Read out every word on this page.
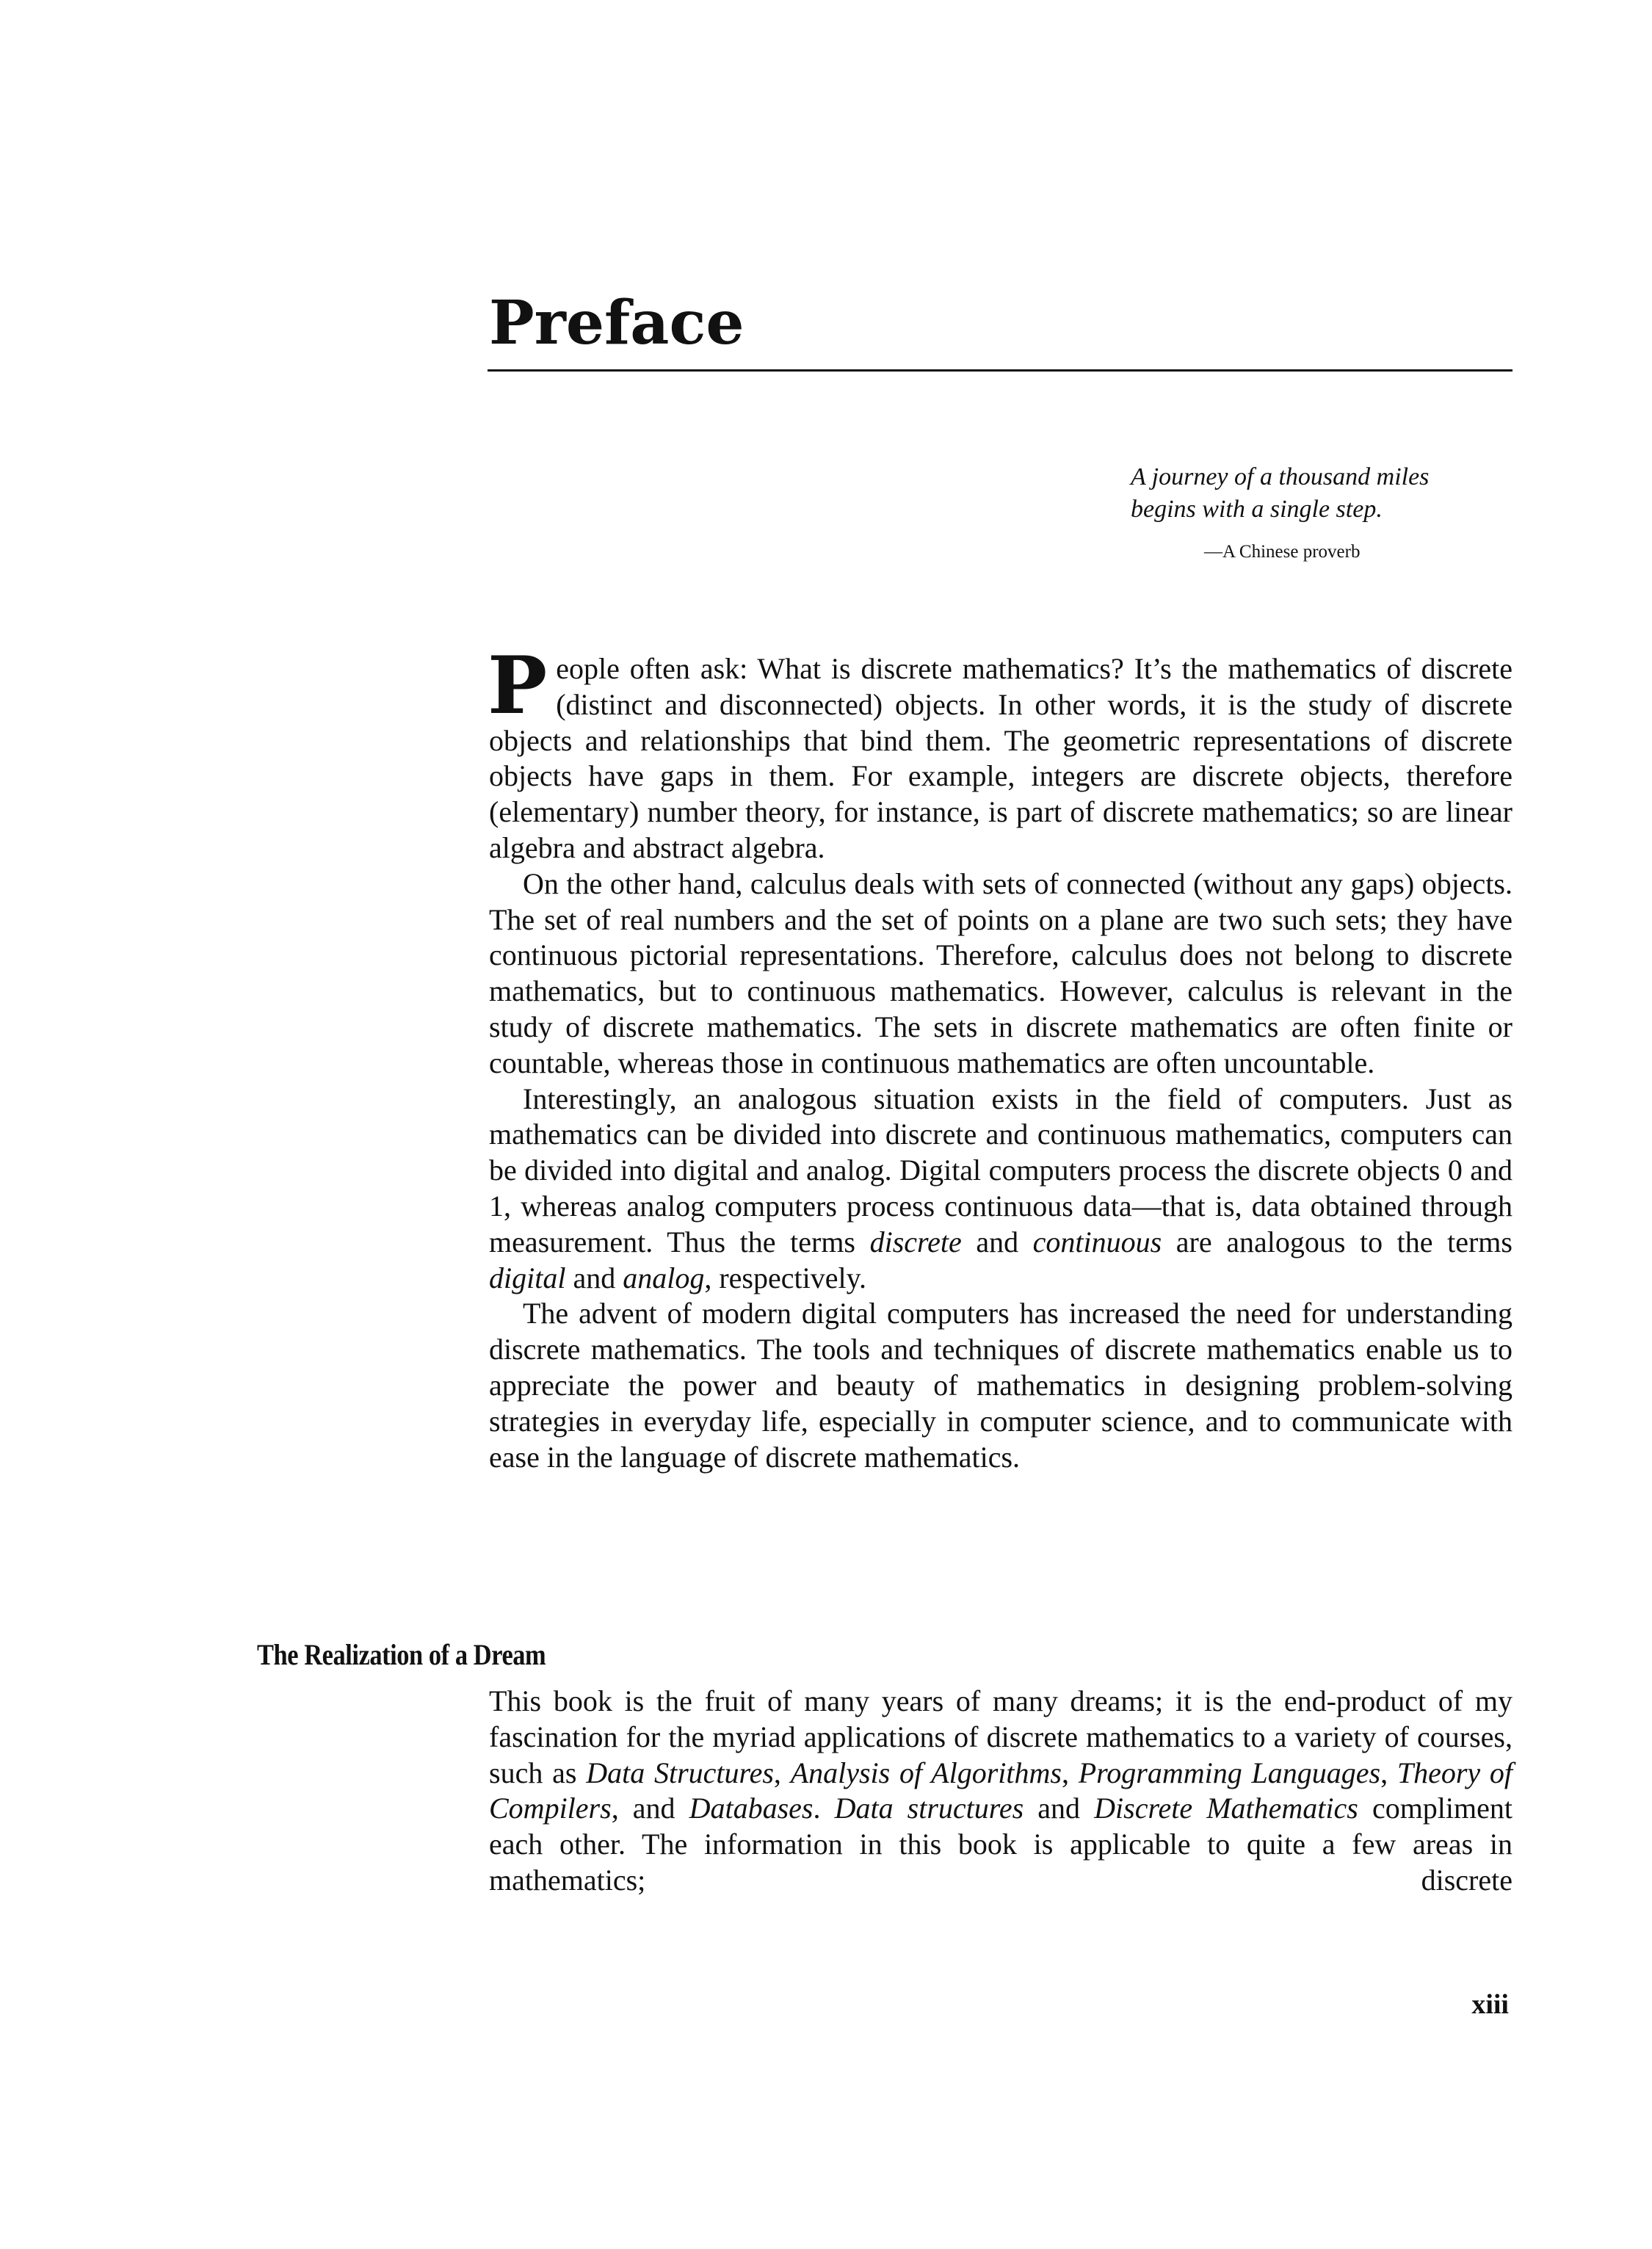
Preface
A journey of a thousand miles
begins with a single step.
—A Chinese proverb

People often ask: What is discrete mathematics? It’s the mathematics of discrete (distinct and disconnected) objects. In other words, it is the study of discrete objects and relationships that bind them. The geometric representations of discrete objects have gaps in them. For example, integers are discrete objects, therefore (elementary) number theory, for instance, is part of discrete mathematics; so are linear algebra and abstract algebra.

On the other hand, calculus deals with sets of connected (without any gaps) objects. The set of real numbers and the set of points on a plane are two such sets; they have continuous pictorial representations. Therefore, calculus does not belong to discrete mathematics, but to continuous mathematics. However, calculus is relevant in the study of discrete mathematics. The sets in discrete mathematics are often finite or countable, whereas those in continuous mathematics are often uncountable.

Interestingly, an analogous situation exists in the field of computers. Just as mathematics can be divided into discrete and continuous mathematics, computers can be divided into digital and analog. Digital computers process the discrete objects 0 and 1, whereas analog computers process continuous data—that is, data obtained through measurement. Thus the terms discrete and continuous are analogous to the terms digital and analog, respectively.

The advent of modern digital computers has increased the need for understanding discrete mathematics. The tools and techniques of discrete mathematics enable us to appreciate the power and beauty of mathematics in designing problem-solving strategies in everyday life, especially in computer science, and to communicate with ease in the language of discrete mathematics.

The Realization of a Dream

This book is the fruit of many years of many dreams; it is the end-product of my fascination for the myriad applications of discrete mathematics to a variety of courses, such as Data Structures, Analysis of Algorithms, Programming Languages, Theory of Compilers, and Databases. Data structures and Discrete Mathematics compliment each other. The information in this book is applicable to quite a few areas in mathematics; discrete

xiii
